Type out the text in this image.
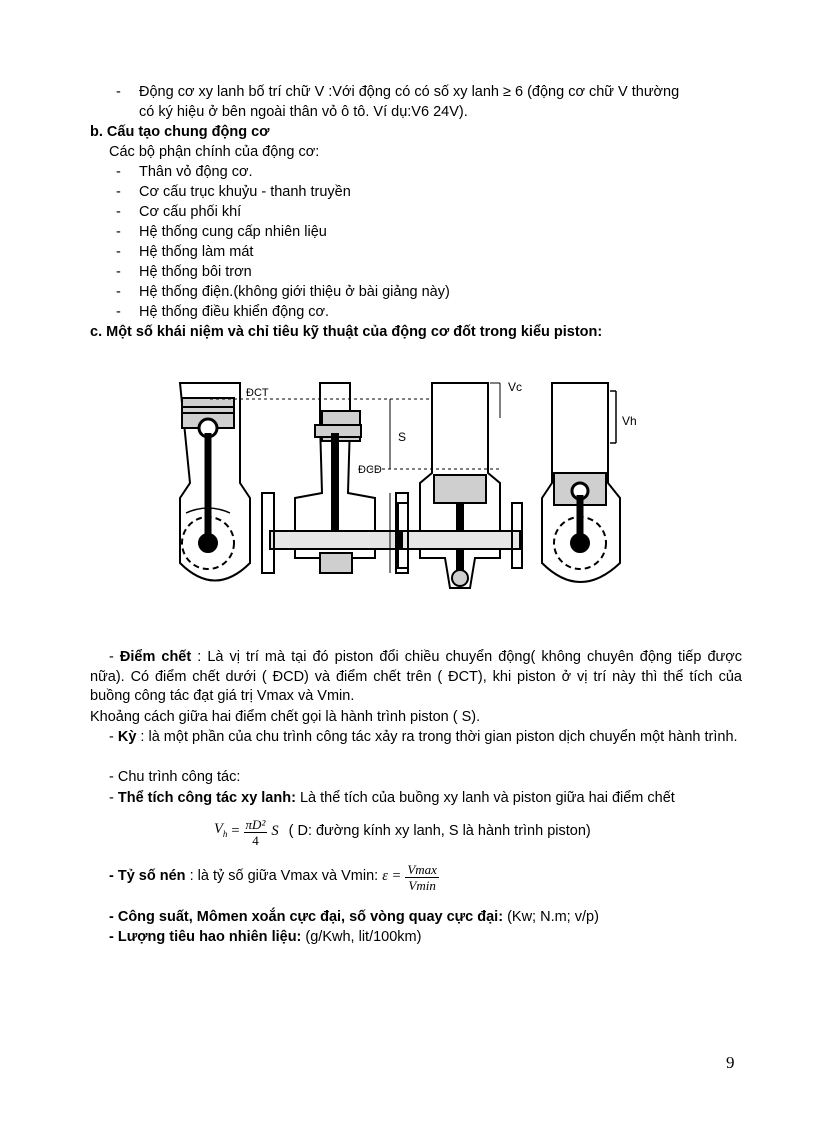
- Động cơ xy lanh bố trí chữ V :Với động có có số xy lanh ≥ 6 (động cơ chữ V thường
có ký hiệu ở bên ngoài thân vỏ ô tô. Ví dụ:V6 24V).
b. Cấu tạo chung động cơ
Các bộ phận chính của động cơ:
- Thân vỏ động cơ.
- Cơ cấu trục khuỷu - thanh truyền
- Cơ cấu phối khí
- Hệ thống cung cấp nhiên liệu
- Hệ thống làm mát
- Hệ thống bôi trơn
- Hệ thống điện.(không giới thiệu ở bài giảng này)
- Hệ thống điều khiển động cơ.
c. Một số khái niệm và chỉ tiêu kỹ thuật của động cơ đốt trong kiểu piston:
ĐCT
ĐCD
S
Vc
Vh
- Điểm chết : Là vị trí mà tại đó piston đổi chiều chuyển động( không chuyên động tiếp được nữa). Có điểm chết dưới ( ĐCD) và điểm chết trên ( ĐCT), khi piston ở vị trí này thì thể tích của buồng công tác đạt giá trị Vmax và Vmin.
Khoảng cách giữa hai điểm chết gọi là hành trình piston ( S).
- Kỳ : là một phần của chu trình công tác xảy ra trong thời gian piston dịch chuyển một hành trình.
- Chu trình công tác:
- Thể tích công tác xy lanh: Là thể tích của buồng xy lanh và piston giữa hai điểm chết
$V_h = \frac{\text{πD²}}{4}$ S ( D: đường kính xy lanh, S là hành trình piston)
- Tỷ số nén : là tỷ số giữa Vmax và Vmin: $\varepsilon = \frac{Vmax}{Vmin}$
- Công suất, Mômen xoắn cực đại, số vòng quay cực đại: (Kw; N.m; v/p)
- Lượng tiêu hao nhiên liệu: (g/Kwh, lit/100km)
9
